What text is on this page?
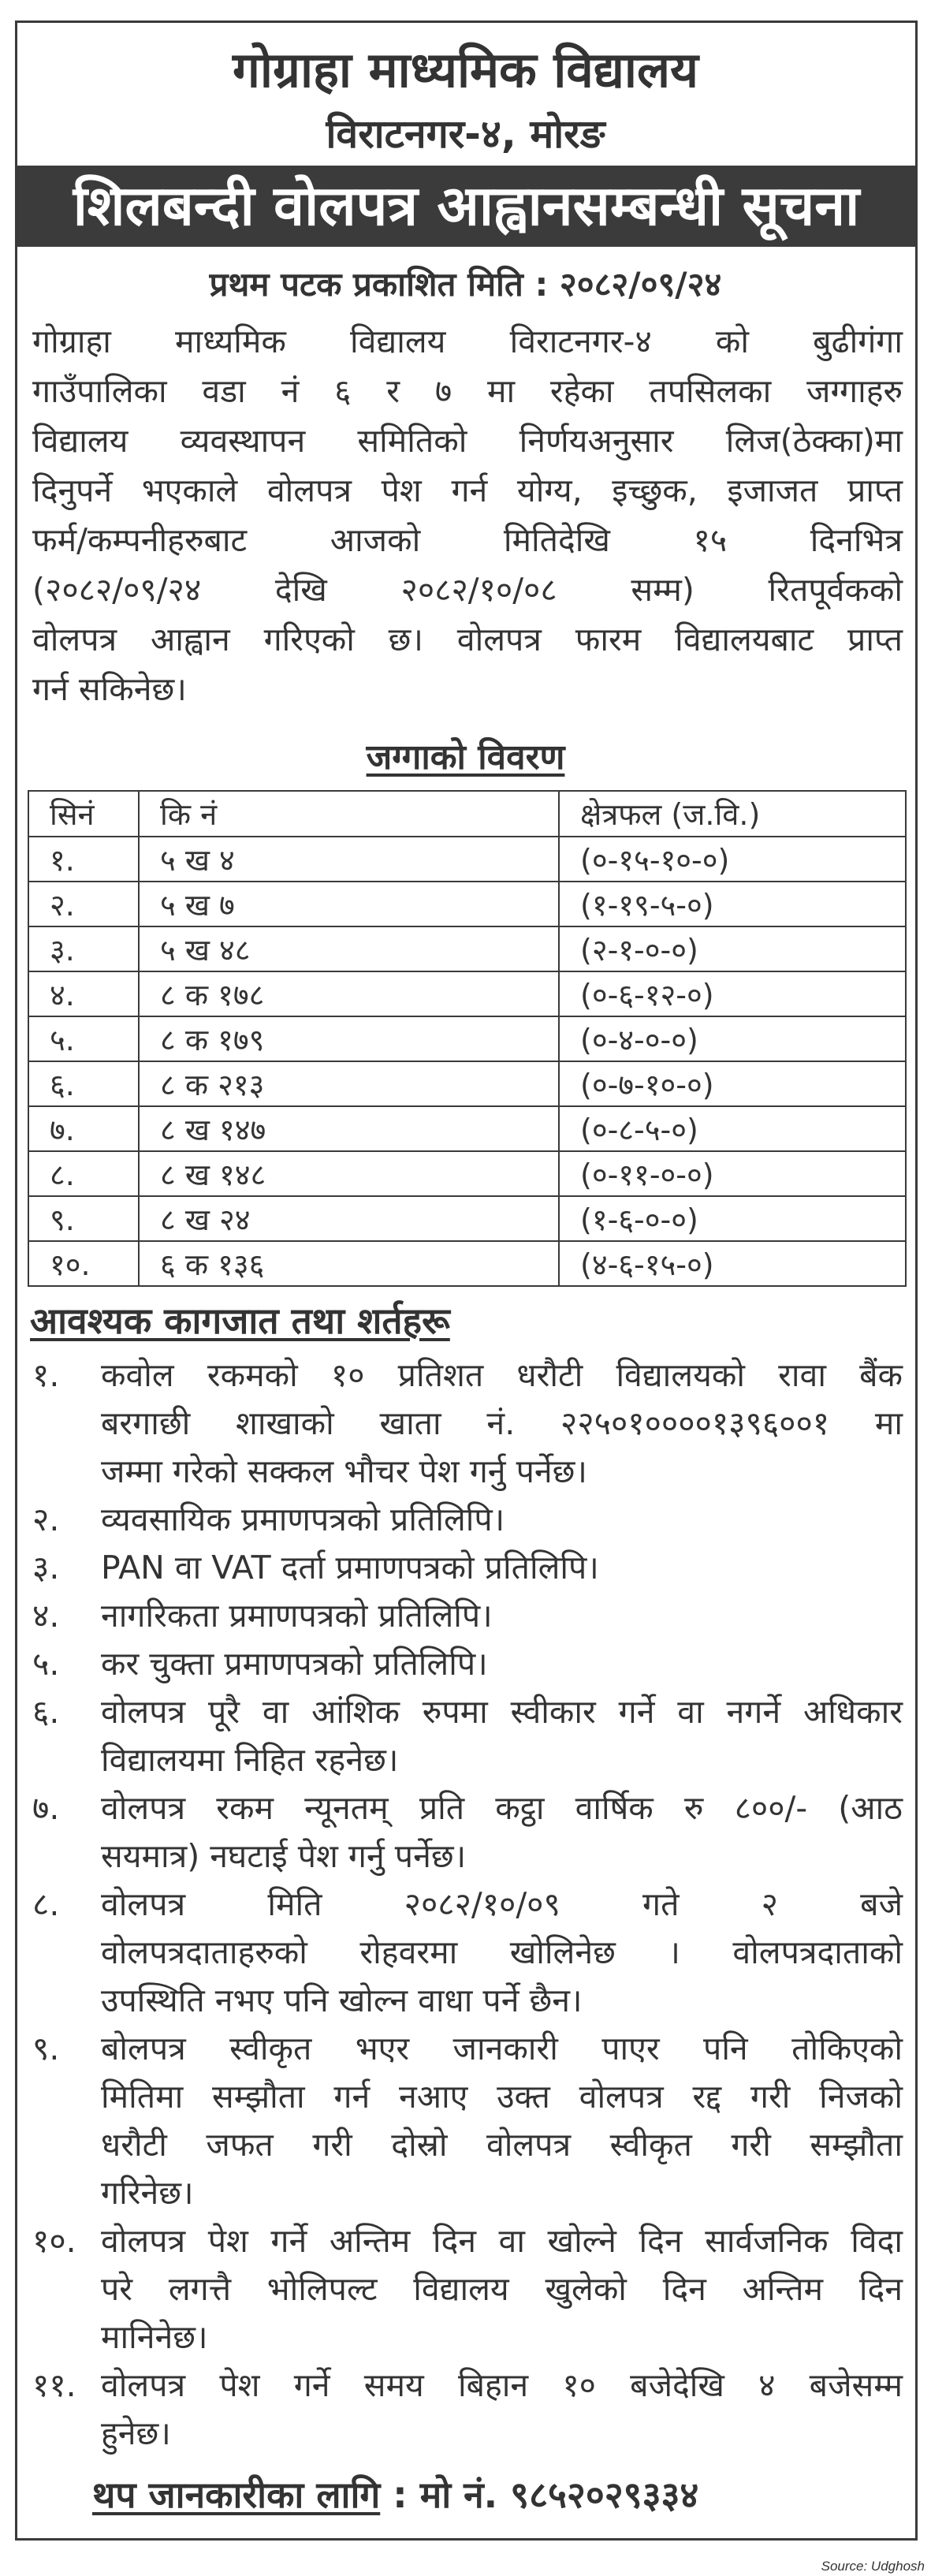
गोग्राहा माध्यमिक विद्यालय
विराटनगर-४, मोरङ
शिलबन्दी वोलपत्र आह्वानसम्बन्धी सूचना
प्रथम पटक प्रकाशित मिति : २०८२/०९/२४
गोग्राहा माध्यमिक विद्यालय विराटनगर-४ को बुढीगंगा
गाउँपालिका वडा नं ६ र ७ मा रहेका तपसिलका जग्गाहरु
विद्यालय व्यवस्थापन समितिको निर्णयअनुसार लिज(ठेक्का)मा
दिनुपर्ने भएकाले वोलपत्र पेश गर्न योग्य, इच्छुक, इजाजत प्राप्त
फर्म/कम्पनीहरुबाट आजको मितिदेखि १५ दिनभित्र
(२०८२/०९/२४ देखि २०८२/१०/०८ सम्म) रितपूर्वकको
वोलपत्र आह्वान गरिएको छ। वोलपत्र फारम विद्यालयबाट प्राप्त
गर्न सकिनेछ।
जग्गाको विवरण
सिनं	कि नं	क्षेत्रफल (ज.वि.)
१.	५ ख ४	(०-१५-१०-०)
२.	५ ख ७	(१-१९-५-०)
३.	५ ख ४८	(२-१-०-०)
४.	८ क १७८	(०-६-१२-०)
५.	८ क १७९	(०-४-०-०)
६.	८ क २१३	(०-७-१०-०)
७.	८ ख १४७	(०-८-५-०)
८.	८ ख १४८	(०-११-०-०)
९.	८ ख २४	(१-६-०-०)
१०.	६ क १३६	(४-६-१५-०)
आवश्यक कागजात तथा शर्तहरू
१.	कवोल रकमको १० प्रतिशत धरौटी विद्यालयको रावा बैंक
बरगाछी शाखाको खाता नं. २२५०१००००१३९६००१ मा
जम्मा गरेको सक्कल भौचर पेश गर्नु पर्नेछ।
२.	व्यवसायिक प्रमाणपत्रको प्रतिलिपि।
३.	PAN वा VAT दर्ता प्रमाणपत्रको प्रतिलिपि।
४.	नागरिकता प्रमाणपत्रको प्रतिलिपि।
५.	कर चुक्ता प्रमाणपत्रको प्रतिलिपि।
६.	वोलपत्र पूरै वा आंशिक रुपमा स्वीकार गर्ने वा नगर्ने अधिकार
विद्यालयमा निहित रहनेछ।
७.	वोलपत्र रकम न्यूनतम् प्रति कट्ठा वार्षिक रु ८००/- (आठ
सयमात्र) नघटाई पेश गर्नु पर्नेछ।
८.	वोलपत्र मिति २०८२/१०/०९ गते २ बजे
वोलपत्रदाताहरुको रोहवरमा खोलिनेछ । वोलपत्रदाताको
उपस्थिति नभए पनि खोल्न वाधा पर्ने छैन।
९.	बोलपत्र स्वीकृत भएर जानकारी पाएर पनि तोकिएको
मितिमा सम्झौता गर्न नआए उक्त वोलपत्र रद्द गरी निजको
धरौटी जफत गरी दोस्रो वोलपत्र स्वीकृत गरी सम्झौता
गरिनेछ।
१०. वोलपत्र पेश गर्ने अन्तिम दिन वा खोल्ने दिन सार्वजनिक विदा
परे लगत्तै भोलिपल्ट विद्यालय खुलेको दिन अन्तिम दिन
मानिनेछ।
११. वोलपत्र पेश गर्ने समय बिहान १० बजेदेखि ४ बजेसम्म
हुनेछ।
थप जानकारीका लागि : मो नं. ९८५२०२९३३४
Source: Udghosh
